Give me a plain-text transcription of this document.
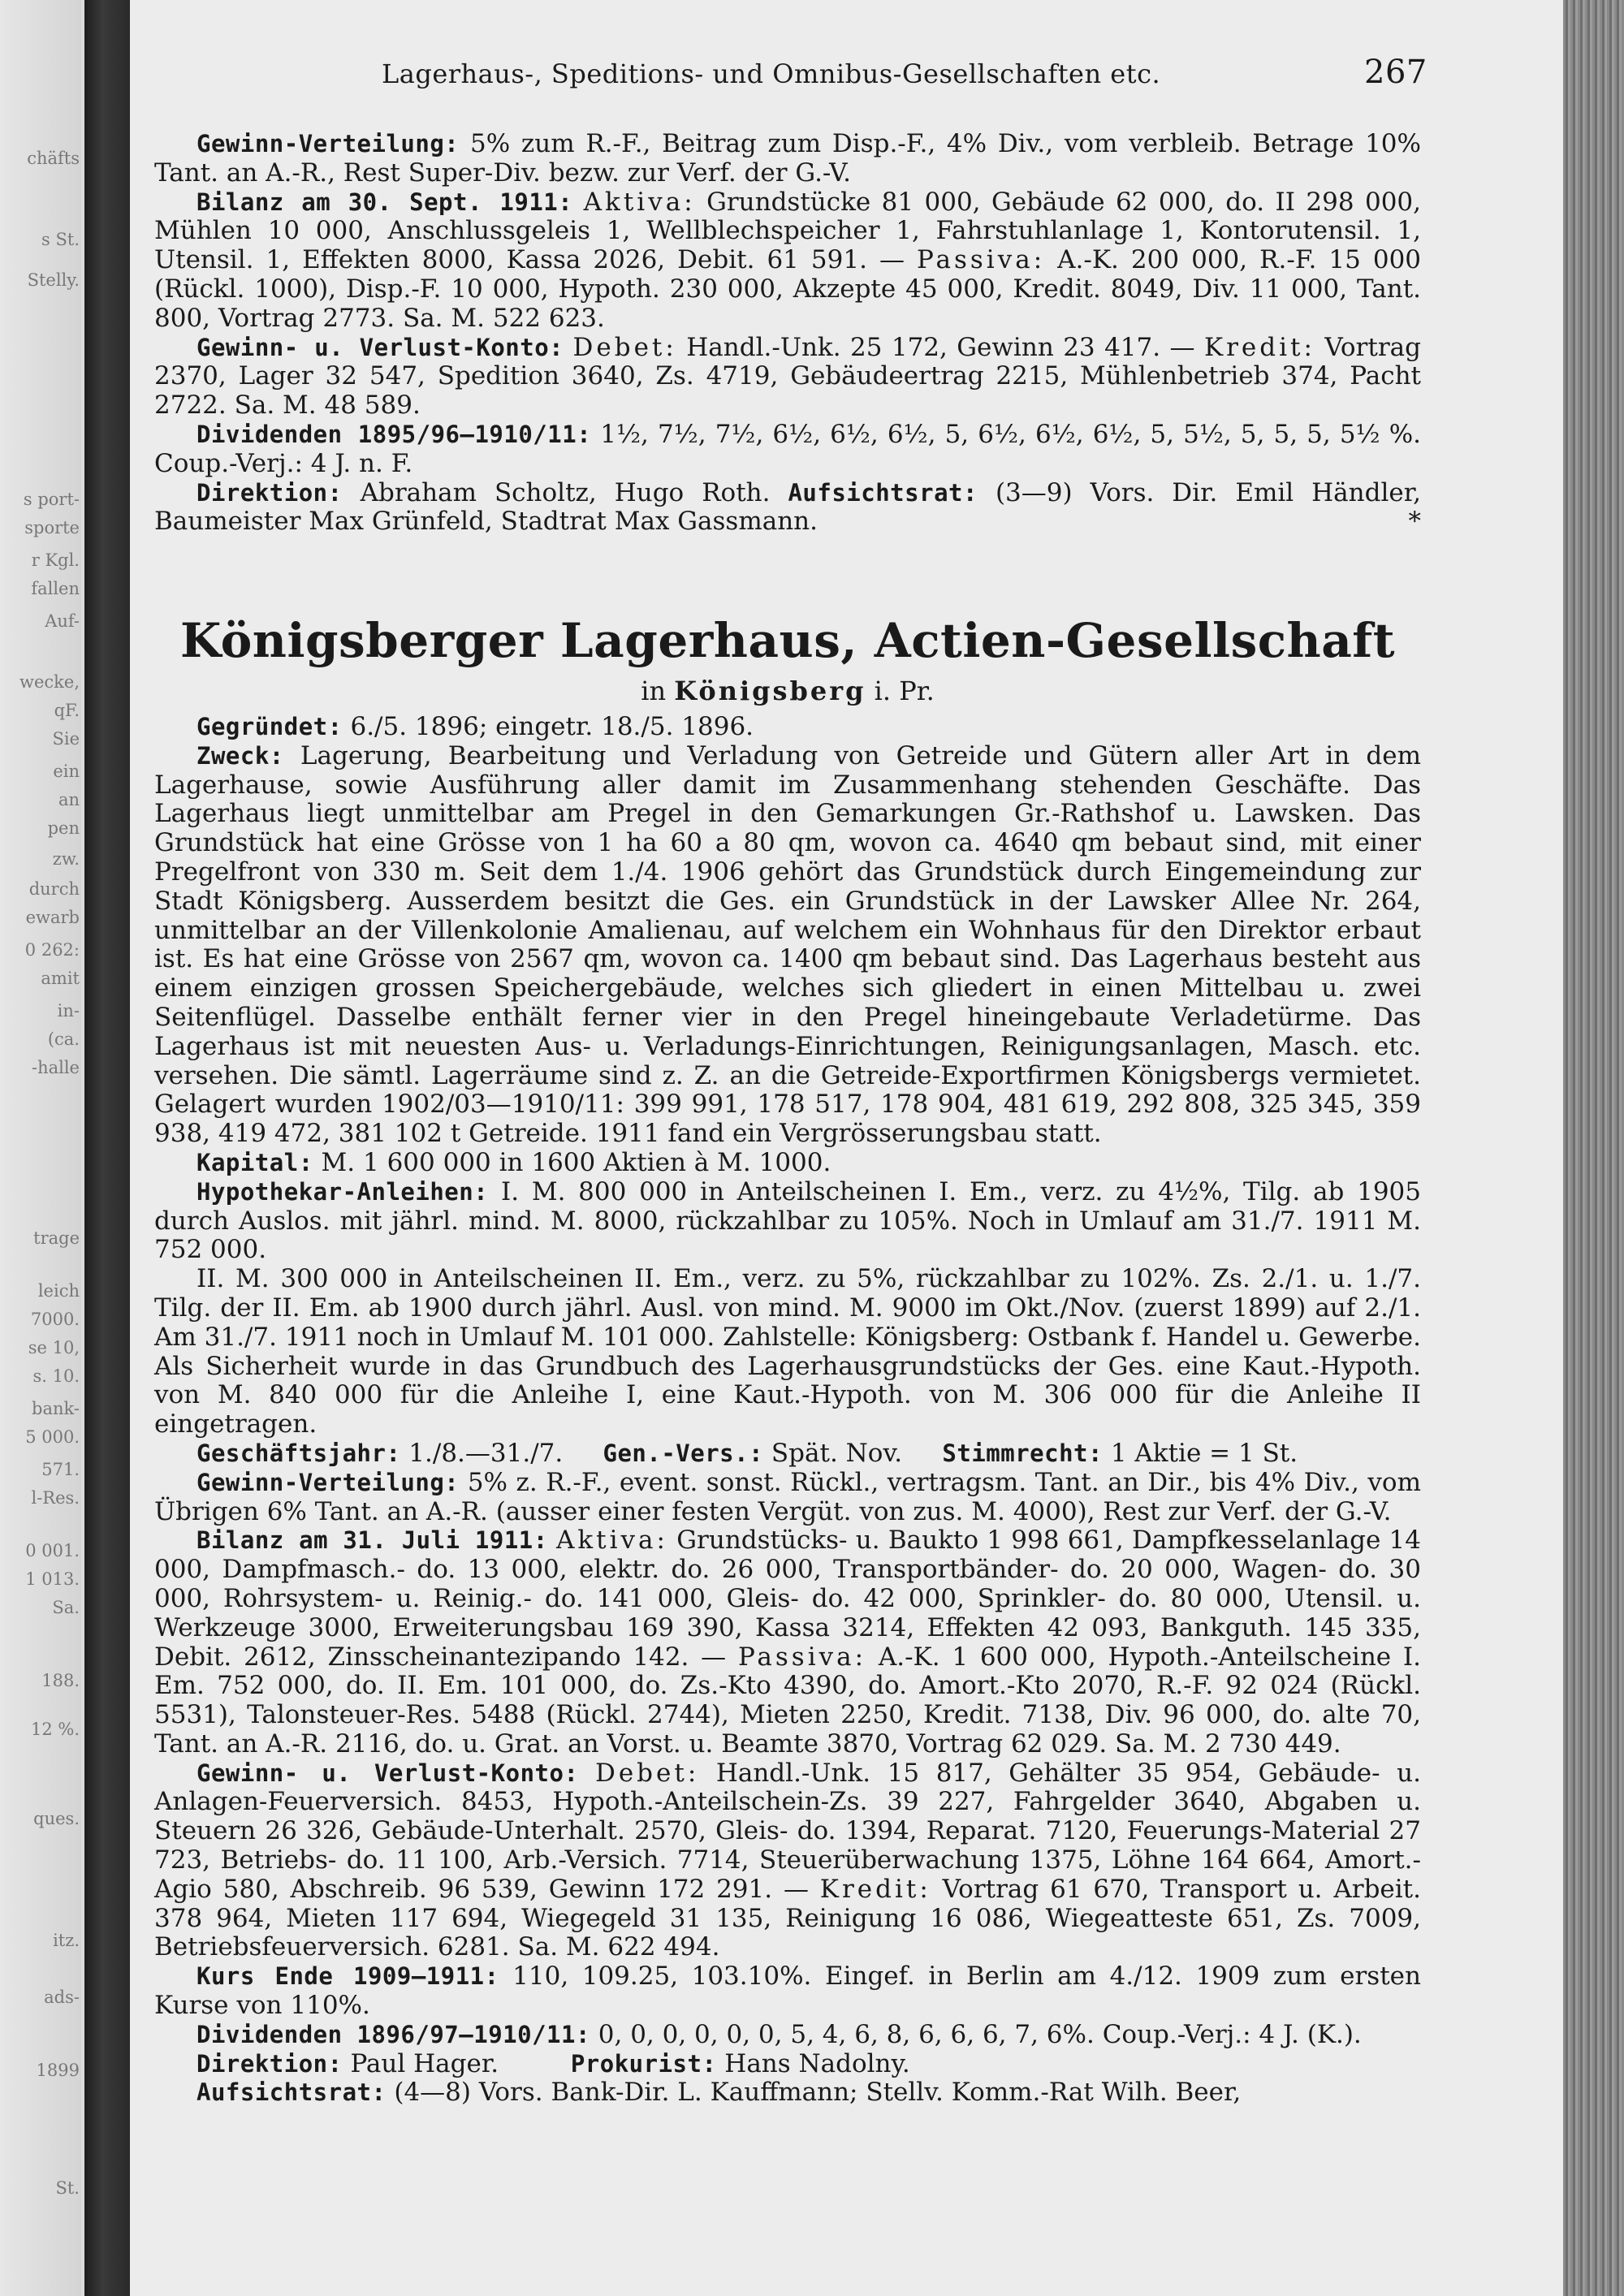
chäfts
s St.
Stelly.
s port-
sporte
r Kgl.
fallen
Auf-
wecke,
qF.
Sie
ein
an
pen
zw.
durch
ewarb
0 262:
amit
in-
(ca.
-halle
trage
leich
7000.
se 10,
s. 10.
bank-
5 000.
571.
l-Res.
0 001.
1 013.
Sa.
188.
12 %.
ques.
itz.
ads-
1899
St.
Lagerhaus-, Speditions- und Omnibus-Gesellschaften etc.	267

Gewinn-Verteilung: 5% zum R.-F., Beitrag zum Disp.-F., 4% Div., vom verbleib. Betrage 10% Tant. an A.-R., Rest Super-Div. bezw. zur Verf. der G.-V.

Bilanz am 30. Sept. 1911: Aktiva: Grundstücke 81 000, Gebäude 62 000, do. II 298 000, Mühlen 10 000, Anschlussgeleis 1, Wellblechspeicher 1, Fahrstuhlanlage 1, Kontorutensil. 1, Utensil. 1, Effekten 8000, Kassa 2026, Debit. 61 591. — Passiva: A.-K. 200 000, R.-F. 15 000 (Rückl. 1000), Disp.-F. 10 000, Hypoth. 230 000, Akzepte 45 000, Kredit. 8049, Div. 11 000, Tant. 800, Vortrag 2773. Sa. M. 522 623.

Gewinn- u. Verlust-Konto: Debet: Handl.-Unk. 25 172, Gewinn 23 417. — Kredit: Vortrag 2370, Lager 32 547, Spedition 3640, Zs. 4719, Gebäudeertrag 2215, Mühlenbetrieb 374, Pacht 2722. Sa. M. 48 589.

Dividenden 1895/96—1910/11: 1½, 7½, 7½, 6½, 6½, 6½, 5, 6½, 6½, 6½, 5, 5½, 5, 5, 5, 5½ %. Coup.-Verj.: 4 J. n. F.

Direktion: Abraham Scholtz, Hugo Roth. Aufsichtsrat: (3—9) Vors. Dir. Emil Händler, Baumeister Max Grünfeld, Stadtrat Max Gassmann.	*

Königsberger Lagerhaus, Actien-Gesellschaft
in Königsberg i. Pr.

Gegründet: 6./5. 1896; eingetr. 18./5. 1896.

Zweck: Lagerung, Bearbeitung und Verladung von Getreide und Gütern aller Art in dem Lagerhause, sowie Ausführung aller damit im Zusammenhang stehenden Geschäfte. Das Lagerhaus liegt unmittelbar am Pregel in den Gemarkungen Gr.-Rathshof u. Lawsken. Das Grundstück hat eine Grösse von 1 ha 60 a 80 qm, wovon ca. 4640 qm bebaut sind, mit einer Pregelfront von 330 m. Seit dem 1./4. 1906 gehört das Grundstück durch Eingemeindung zur Stadt Königsberg. Ausserdem besitzt die Ges. ein Grundstück in der Lawsker Allee Nr. 264, unmittelbar an der Villenkolonie Amalienau, auf welchem ein Wohnhaus für den Direktor erbaut ist. Es hat eine Grösse von 2567 qm, wovon ca. 1400 qm bebaut sind. Das Lagerhaus besteht aus einem einzigen grossen Speichergebäude, welches sich gliedert in einen Mittelbau u. zwei Seitenflügel. Dasselbe enthält ferner vier in den Pregel hineingebaute Verladetürme. Das Lagerhaus ist mit neuesten Aus- u. Verladungs-Einrichtungen, Reinigungsanlagen, Masch. etc. versehen. Die sämtl. Lagerräume sind z. Z. an die Getreide-Exportfirmen Königsbergs vermietet. Gelagert wurden 1902/03—1910/11: 399 991, 178 517, 178 904, 481 619, 292 808, 325 345, 359 938, 419 472, 381 102 t Getreide. 1911 fand ein Vergrösserungsbau statt.

Kapital: M. 1 600 000 in 1600 Aktien à M. 1000.

Hypothekar-Anleihen: I. M. 800 000 in Anteilscheinen I. Em., verz. zu 4½%, Tilg. ab 1905 durch Auslos. mit jährl. mind. M. 8000, rückzahlbar zu 105%. Noch in Umlauf am 31./7. 1911 M. 752 000.

II. M. 300 000 in Anteilscheinen II. Em., verz. zu 5%, rückzahlbar zu 102%. Zs. 2./1. u. 1./7. Tilg. der II. Em. ab 1900 durch jährl. Ausl. von mind. M. 9000 im Okt./Nov. (zuerst 1899) auf 2./1. Am 31./7. 1911 noch in Umlauf M. 101 000. Zahlstelle: Königsberg: Ostbank f. Handel u. Gewerbe. Als Sicherheit wurde in das Grundbuch des Lagerhausgrundstücks der Ges. eine Kaut.-Hypoth. von M. 840 000 für die Anleihe I, eine Kaut.-Hypoth. von M. 306 000 für die Anleihe II eingetragen.

Geschäftsjahr: 1./8.—31./7. Gen.-Vers.: Spät. Nov. Stimmrecht: 1 Aktie = 1 St.

Gewinn-Verteilung: 5% z. R.-F., event. sonst. Rückl., vertragsm. Tant. an Dir., bis 4% Div., vom Übrigen 6% Tant. an A.-R. (ausser einer festen Vergüt. von zus. M. 4000), Rest zur Verf. der G.-V.

Bilanz am 31. Juli 1911: Aktiva: Grundstücks- u. Baukto 1 998 661, Dampfkesselanlage 14 000, Dampfmasch.- do. 13 000, elektr. do. 26 000, Transportbänder- do. 20 000, Wagen- do. 30 000, Rohrsystem- u. Reinig.- do. 141 000, Gleis- do. 42 000, Sprinkler- do. 80 000, Utensil. u. Werkzeuge 3000, Erweiterungsbau 169 390, Kassa 3214, Effekten 42 093, Bankguth. 145 335, Debit. 2612, Zinsscheinantezipando 142. — Passiva: A.-K. 1 600 000, Hypoth.-Anteilscheine I. Em. 752 000, do. II. Em. 101 000, do. Zs.-Kto 4390, do. Amort.-Kto 2070, R.-F. 92 024 (Rückl. 5531), Talonsteuer-Res. 5488 (Rückl. 2744), Mieten 2250, Kredit. 7138, Div. 96 000, do. alte 70, Tant. an A.-R. 2116, do. u. Grat. an Vorst. u. Beamte 3870, Vortrag 62 029. Sa. M. 2 730 449.

Gewinn- u. Verlust-Konto: Debet: Handl.-Unk. 15 817, Gehälter 35 954, Gebäude- u. Anlagen-Feuerversich. 8453, Hypoth.-Anteilschein-Zs. 39 227, Fahrgelder 3640, Abgaben u. Steuern 26 326, Gebäude-Unterhalt. 2570, Gleis- do. 1394, Reparat. 7120, Feuerungs-Material 27 723, Betriebs- do. 11 100, Arb.-Versich. 7714, Steuerüberwachung 1375, Löhne 164 664, Amort.-Agio 580, Abschreib. 96 539, Gewinn 172 291. — Kredit: Vortrag 61 670, Transport u. Arbeit. 378 964, Mieten 117 694, Wiegegeld 31 135, Reinigung 16 086, Wiegeatteste 651, Zs. 7009, Betriebsfeuerversich. 6281. Sa. M. 622 494.

Kurs Ende 1909—1911: 110, 109.25, 103.10%. Eingef. in Berlin am 4./12. 1909 zum ersten Kurse von 110%.

Dividenden 1896/97—1910/11: 0, 0, 0, 0, 0, 0, 5, 4, 6, 8, 6, 6, 6, 7, 6%. Coup.-Verj.: 4 J. (K.).

Direktion: Paul Hager.	Prokurist: Hans Nadolny.

Aufsichtsrat: (4—8) Vors. Bank-Dir. L. Kauffmann; Stellv. Komm.-Rat Wilh. Beer,
